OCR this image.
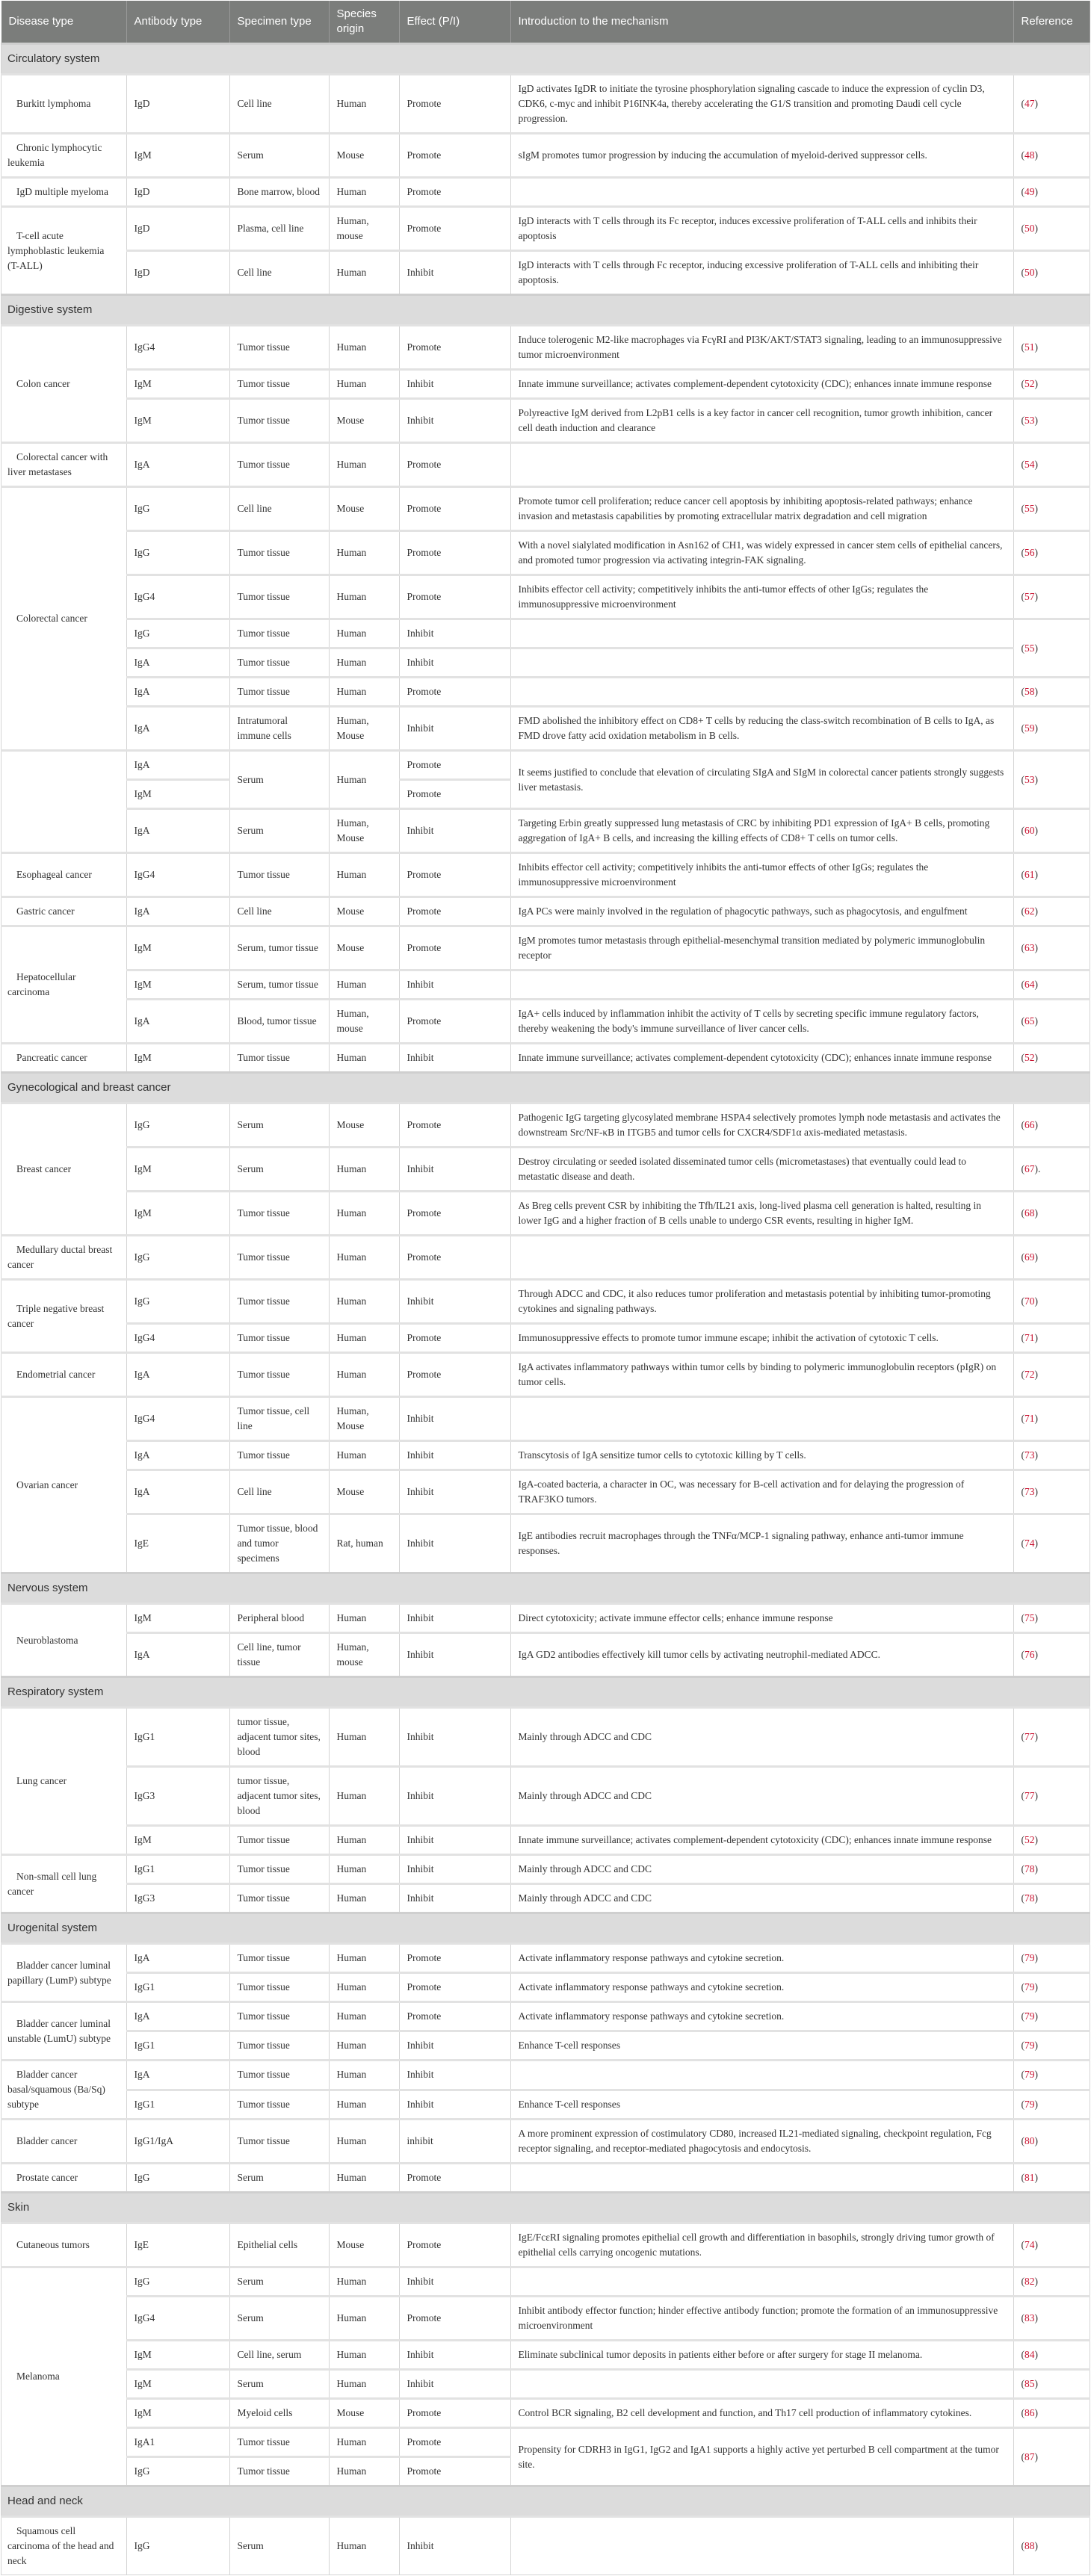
Disease type	Antibody type	Specimen type	Species origin	Effect (P/I)	Introduction to the mechanism	Reference
Circulatory system						
Burkitt lymphoma	IgD	Cell line	Human	Promote	IgD activates IgDR to initiate the tyrosine phosphorylation signaling cascade to induce the expression of cyclin D3, CDK6, c-myc and inhibit P16INK4a, thereby accelerating the G1/S transition and promoting Daudi cell cycle progression.	(47)
Chronic lymphocytic leukemia	IgM	Serum	Mouse	Promote	sIgM promotes tumor progression by inducing the accumulation of myeloid-derived suppressor cells.	(48)
IgD multiple myeloma	IgD	Bone marrow, blood	Human	Promote		(49)
T-cell acute lymphoblastic leukemia (T-ALL)	IgD	Plasma, cell line	Human, mouse	Promote	IgD interacts with T cells through its Fc receptor, induces excessive proliferation of T-ALL cells and inhibits their apoptosis	(50)
	IgD	Cell line	Human	Inhibit	IgD interacts with T cells through Fc receptor, inducing excessive proliferation of T-ALL cells and inhibiting their apoptosis.	(50)
Digestive system						
Colon cancer	IgG4	Tumor tissue	Human	Promote	Induce tolerogenic M2-like macrophages via FcγRI and PI3K/AKT/STAT3 signaling, leading to an immunosuppressive tumor microenvironment	(51)
	IgM	Tumor tissue	Human	Inhibit	Innate immune surveillance; activates complement-dependent cytotoxicity (CDC); enhances innate immune response	(52)
	IgM	Tumor tissue	Mouse	Inhibit	Polyreactive IgM derived from L2pB1 cells is a key factor in cancer cell recognition, tumor growth inhibition, cancer cell death induction and clearance	(53)
Colorectal cancer with liver metastases	IgA	Tumor tissue	Human	Promote		(54)
Colorectal cancer	IgG	Cell line	Mouse	Promote	Promote tumor cell proliferation; reduce cancer cell apoptosis by inhibiting apoptosis-related pathways; enhance invasion and metastasis capabilities by promoting extracellular matrix degradation and cell migration	(55)
	IgG	Tumor tissue	Human	Promote	With a novel sialylated modification in Asn162 of CH1, was widely expressed in cancer stem cells of epithelial cancers, and promoted tumor progression via activating integrin-FAK signaling.	(56)
	IgG4	Tumor tissue	Human	Promote	Inhibits effector cell activity; competitively inhibits the anti-tumor effects of other IgGs; regulates the immunosuppressive microenvironment	(57)
	IgG	Tumor tissue	Human	Inhibit		(55)
	IgA	Tumor tissue	Human	Inhibit		
	IgA	Tumor tissue	Human	Promote		(58)
	IgA	Intratumoral immune cells	Human, Mouse	Inhibit	FMD abolished the inhibitory effect on CD8+ T cells by reducing the class-switch recombination of B cells to IgA, as FMD drove fatty acid oxidation metabolism in B cells.	(59)
	IgA	Serum	Human	Promote	It seems justified to conclude that elevation of circulating SIgA and SIgM in colorectal cancer patients strongly suggests liver metastasis.	(53)
	IgM			Promote		
	IgA	Serum	Human, Mouse	Inhibit	Targeting Erbin greatly suppressed lung metastasis of CRC by inhibiting PD1 expression of IgA+ B cells, promoting aggregation of IgA+ B cells, and increasing the killing effects of CD8+ T cells on tumor cells.	(60)
Esophageal cancer	IgG4	Tumor tissue	Human	Promote	Inhibits effector cell activity; competitively inhibits the anti-tumor effects of other IgGs; regulates the immunosuppressive microenvironment	(61)
Gastric cancer	IgA	Cell line	Mouse	Promote	IgA PCs were mainly involved in the regulation of phagocytic pathways, such as phagocytosis, and engulfment	(62)
Hepatocellular carcinoma	IgM	Serum, tumor tissue	Mouse	Promote	IgM promotes tumor metastasis through epithelial-mesenchymal transition mediated by polymeric immunoglobulin receptor	(63)
	IgM	Serum, tumor tissue	Human	Inhibit		(64)
	IgA	Blood, tumor tissue	Human, mouse	Promote	IgA+ cells induced by inflammation inhibit the activity of T cells by secreting specific immune regulatory factors, thereby weakening the body's immune surveillance of liver cancer cells.	(65)
Pancreatic cancer	IgM	Tumor tissue	Human	Inhibit	Innate immune surveillance; activates complement-dependent cytotoxicity (CDC); enhances innate immune response	(52)
Gynecological and breast cancer						
Breast cancer	IgG	Serum	Mouse	Promote	Pathogenic IgG targeting glycosylated membrane HSPA4 selectively promotes lymph node metastasis and activates the downstream Src/NF-κB in ITGB5 and tumor cells for CXCR4/SDF1α axis-mediated metastasis.	(66)
	IgM	Serum	Human	Inhibit	Destroy circulating or seeded isolated disseminated tumor cells (micrometastases) that eventually could lead to metastatic disease and death.	(67).
	IgM	Tumor tissue	Human	Promote	As Breg cells prevent CSR by inhibiting the Tfh/IL21 axis, long-lived plasma cell generation is halted, resulting in lower IgG and a higher fraction of B cells unable to undergo CSR events, resulting in higher IgM.	(68)
Medullary ductal breast cancer	IgG	Tumor tissue	Human	Promote		(69)
Triple negative breast cancer	IgG	Tumor tissue	Human	Inhibit	Through ADCC and CDC, it also reduces tumor proliferation and metastasis potential by inhibiting tumor-promoting cytokines and signaling pathways.	(70)
	IgG4	Tumor tissue	Human	Promote	Immunosuppressive effects to promote tumor immune escape; inhibit the activation of cytotoxic T cells.	(71)
Endometrial cancer	IgA	Tumor tissue	Human	Promote	IgA activates inflammatory pathways within tumor cells by binding to polymeric immunoglobulin receptors (pIgR) on tumor cells.	(72)
Ovarian cancer	IgG4	Tumor tissue, cell line	Human, Mouse	Inhibit		(71)
	IgA	Tumor tissue	Human	Inhibit	Transcytosis of IgA sensitize tumor cells to cytotoxic killing by T cells.	(73)
	IgA	Cell line	Mouse	Inhibit	IgA-coated bacteria, a character in OC, was necessary for B-cell activation and for delaying the progression of TRAF3KO tumors.	(73)
	IgE	Tumor tissue, blood and tumor specimens	Rat, human	Inhibit	IgE antibodies recruit macrophages through the TNFα/MCP-1 signaling pathway, enhance anti-tumor immune responses.	(74)
Nervous system						
Neuroblastoma	IgM	Peripheral blood	Human	Inhibit	Direct cytotoxicity; activate immune effector cells; enhance immune response	(75)
	IgA	Cell line, tumor tissue	Human, mouse	Inhibit	IgA GD2 antibodies effectively kill tumor cells by activating neutrophil-mediated ADCC.	(76)
Respiratory system						
Lung cancer	IgG1	tumor tissue, adjacent tumor sites, blood	Human	Inhibit	Mainly through ADCC and CDC	(77)
	IgG3	tumor tissue, adjacent tumor sites, blood	Human	Inhibit	Mainly through ADCC and CDC	(77)
	IgM	Tumor tissue	Human	Inhibit	Innate immune surveillance; activates complement-dependent cytotoxicity (CDC); enhances innate immune response	(52)
Non-small cell lung cancer	IgG1	Tumor tissue	Human	Inhibit	Mainly through ADCC and CDC	(78)
	IgG3	Tumor tissue	Human	Inhibit	Mainly through ADCC and CDC	(78)
Urogenital system						
Bladder cancer luminal papillary (LumP) subtype	IgA	Tumor tissue	Human	Promote	Activate inflammatory response pathways and cytokine secretion.	(79)
	IgG1	Tumor tissue	Human	Promote	Activate inflammatory response pathways and cytokine secretion.	(79)
Bladder cancer luminal unstable (LumU) subtype	IgA	Tumor tissue	Human	Promote	Activate inflammatory response pathways and cytokine secretion.	(79)
	IgG1	Tumor tissue	Human	Inhibit	Enhance T-cell responses	(79)
Bladder cancer basal/squamous (Ba/Sq) subtype	IgA	Tumor tissue	Human	Inhibit		(79)
	IgG1	Tumor tissue	Human	Inhibit	Enhance T-cell responses	(79)
Bladder cancer	IgG1/IgA	Tumor tissue	Human	inhibit	A more prominent expression of costimulatory CD80, increased IL21-mediated signaling, checkpoint regulation, Fcg receptor signaling, and receptor-mediated phagocytosis and endocytosis.	(80)
Prostate cancer	IgG	Serum	Human	Promote		(81)
Skin						
Cutaneous tumors	IgE	Epithelial cells	Mouse	Promote	IgE/FcεRI signaling promotes epithelial cell growth and differentiation in basophils, strongly driving tumor growth of epithelial cells carrying oncogenic mutations.	(74)
Melanoma	IgG	Serum	Human	Inhibit		(82)
	IgG4	Serum	Human	Promote	Inhibit antibody effector function; hinder effective antibody function; promote the formation of an immunosuppressive microenvironment	(83)
	IgM	Cell line, serum	Human	Inhibit	Eliminate subclinical tumor deposits in patients either before or after surgery for stage II melanoma.	(84)
	IgM	Serum	Human	Inhibit		(85)
	IgM	Myeloid cells	Mouse	Promote	Control BCR signaling, B2 cell development and function, and Th17 cell production of inflammatory cytokines.	(86)
	IgA1	Tumor tissue	Human	Promote	Propensity for CDRH3 in IgG1, IgG2 and IgA1 supports a highly active yet perturbed B cell compartment at the tumor site.	(87)
	IgG	Tumor tissue	Human	Promote		
Head and neck						
Squamous cell carcinoma of the head and neck	IgG	Serum	Human	Inhibit		(88)
